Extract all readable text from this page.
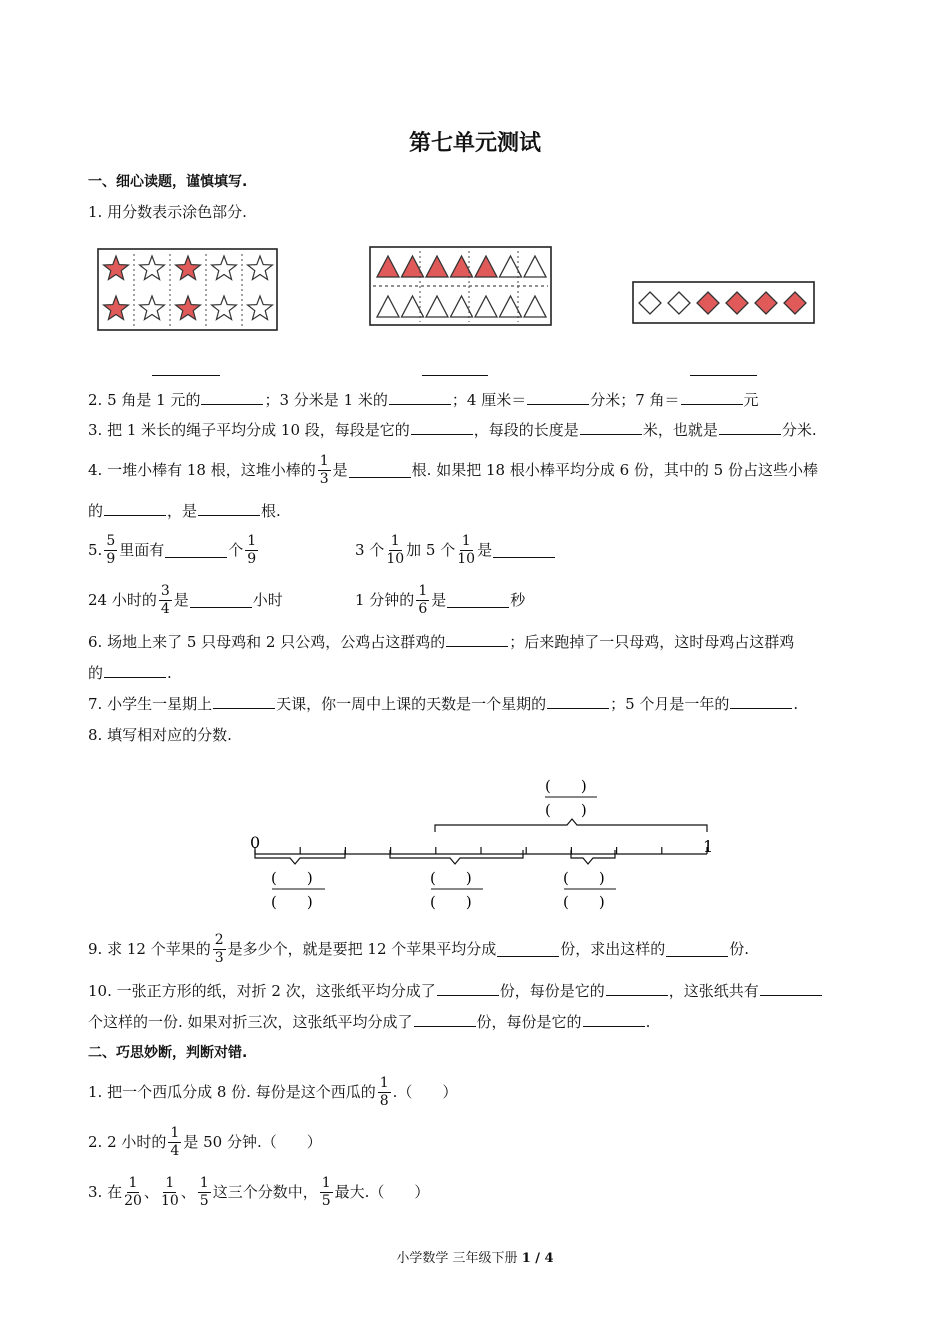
第七单元测试
一、细心读题，谨慎填写.
1. 用分数表示涂色部分.
2. 5 角是 1 元的	；3 分米是 1 米的	；4 厘米＝	分米；7 角＝	元
3. 把 1 米长的绳子平均分成 10 段，每段是它的	，每段的长度是	米，也就是	分米.
4. 一堆小棒有 18 根，这堆小棒的
1
3 是	根. 如果把 18 根小棒平均分成 6 份，其中的 5 份占这些小棒
的	，是	根.
5.
5
9 里面有	个
1
9	3 个
1
10 加 5 个
1
10 是
24 小时的
3
4 是	小时	1 分钟的
1
6 是	秒
6. 场地上来了 5 只母鸡和 2 只公鸡，公鸡占这群鸡的	；后来跑掉了一只母鸡，这时母鸡占这群鸡
的	.
7. 小学生一星期上	天课，你一周中上课的天数是一个星期的	；5 个月是一年的	.
8. 填写相对应的分数.
0	1
(　　)
(　　)
(　　)
(　　)
(　　)
(　　)
(　　)
(　　)
9. 求 12 个苹果的
2
3 是多少个，就是要把 12 个苹果平均分成	份，求出这样的	份.
10. 一张正方形的纸，对折 2 次，这张纸平均分成了	份，每份是它的	，这张纸共有
个这样的一份. 如果对折三次，这张纸平均分成了	份，每份是它的	.
二、巧思妙断，判断对错.
1. 把一个西瓜分成 8 份. 每份是这个西瓜的
1
8 .（　　）
2. 2 小时的
1
4 是 50 分钟.（　　）
3. 在
1
20 、
1
10 、
1
5 这三个分数中，
1
5 最大.（　　）
小学数学 三年级下册 1 / 4
